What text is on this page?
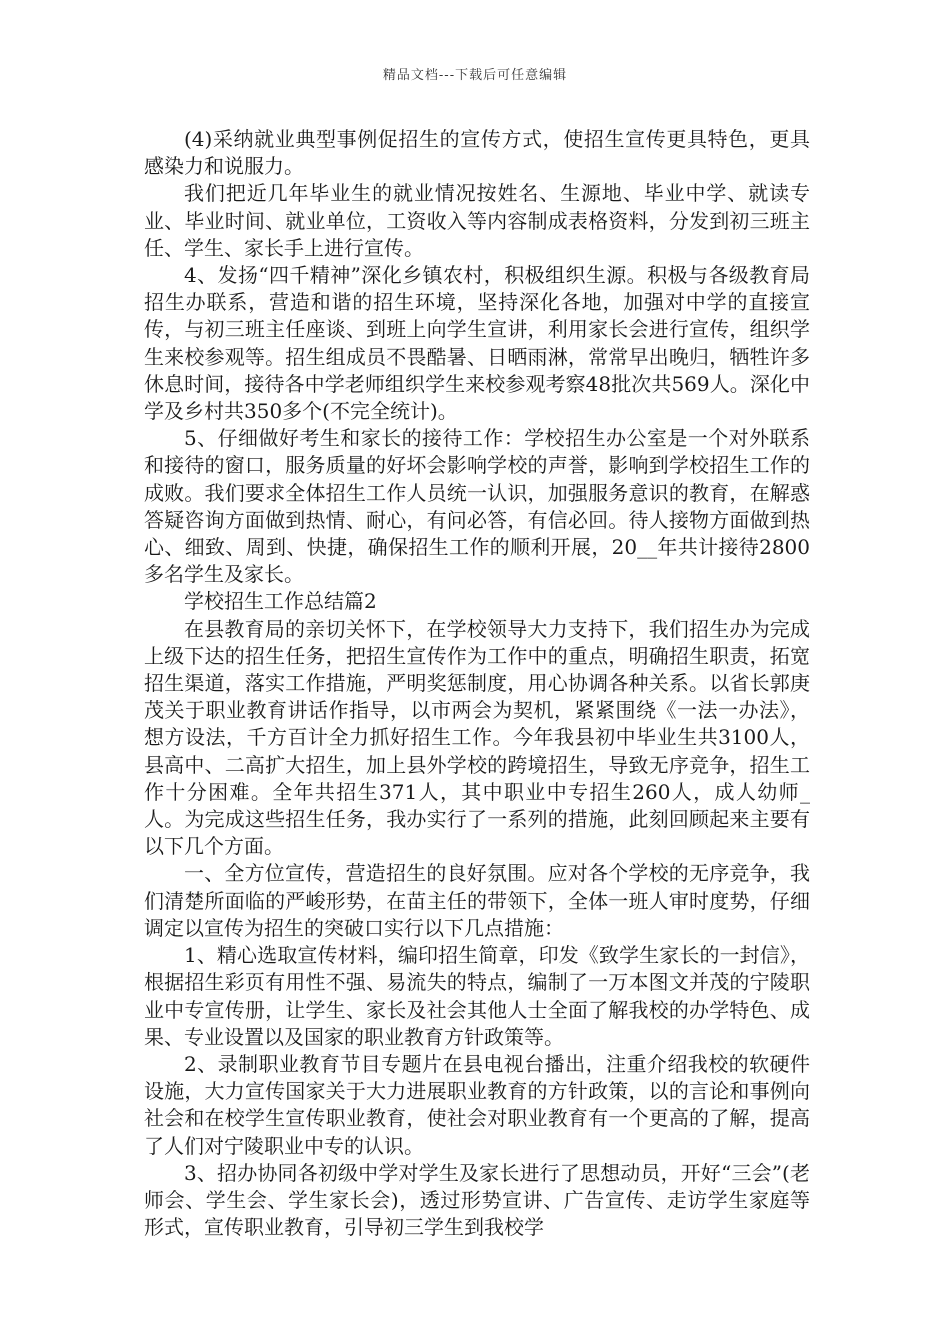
精品文档---下载后可任意编辑

(4)采纳就业典型事例促招生的宣传方式，使招生宣传更具特色，更具感染力和说服力。

我们把近几年毕业生的就业情况按姓名、生源地、毕业中学、就读专业、毕业时间、就业单位，工资收入等内容制成表格资料，分发到初三班主任、学生、家长手上进行宣传。

4、发扬“四千精神”深化乡镇农村，积极组织生源。积极与各级教育局招生办联系，营造和谐的招生环境，坚持深化各地，加强对中学的直接宣传，与初三班主任座谈、到班上向学生宣讲，利用家长会进行宣传，组织学生来校参观等。招生组成员不畏酷暑、日晒雨淋，常常早出晚归，牺牲许多休息时间，接待各中学老师组织学生来校参观考察48批次共569人。深化中学及乡村共350多个(不完全统计)。

5、仔细做好考生和家长的接待工作：学校招生办公室是一个对外联系和接待的窗口，服务质量的好坏会影响学校的声誉，影响到学校招生工作的成败。我们要求全体招生工作人员统一认识，加强服务意识的教育，在解惑答疑咨询方面做到热情、耐心，有问必答，有信必回。待人接物方面做到热心、细致、周到、快捷，确保招生工作的顺利开展，20__年共计接待2800多名学生及家长。

学校招生工作总结篇2

在县教育局的亲切关怀下，在学校领导大力支持下，我们招生办为完成上级下达的招生任务，把招生宣传作为工作中的重点，明确招生职责，拓宽招生渠道，落实工作措施，严明奖惩制度，用心协调各种关系。以省长郭庚茂关于职业教育讲话作指导，以市两会为契机，紧紧围绕《一法一办法》，想方设法，千方百计全力抓好招生工作。今年我县初中毕业生共3100人，县高中、二高扩大招生，加上县外学校的跨境招生，导致无序竞争，招生工作十分困难。全年共招生371人，其中职业中专招生260人，成人幼师_人。为完成这些招生任务，我办实行了一系列的措施，此刻回顾起来主要有以下几个方面。

一、全方位宣传，营造招生的良好氛围。应对各个学校的无序竞争，我们清楚所面临的严峻形势，在苗主任的带领下，全体一班人审时度势，仔细调定以宣传为招生的突破口实行以下几点措施：

1、精心选取宣传材料，编印招生简章，印发《致学生家长的一封信》，根据招生彩页有用性不强、易流失的特点，编制了一万本图文并茂的宁陵职业中专宣传册，让学生、家长及社会其他人士全面了解我校的办学特色、成果、专业设置以及国家的职业教育方针政策等。

2、录制职业教育节目专题片在县电视台播出，注重介绍我校的软硬件设施，大力宣传国家关于大力进展职业教育的方针政策，以的言论和事例向社会和在校学生宣传职业教育，使社会对职业教育有一个更高的了解，提高了人们对宁陵职业中专的认识。

3、招办协同各初级中学对学生及家长进行了思想动员，开好“三会”(老师会、学生会、学生家长会)，透过形势宣讲、广告宣传、走访学生家庭等形式，宣传职业教育，引导初三学生到我校学
